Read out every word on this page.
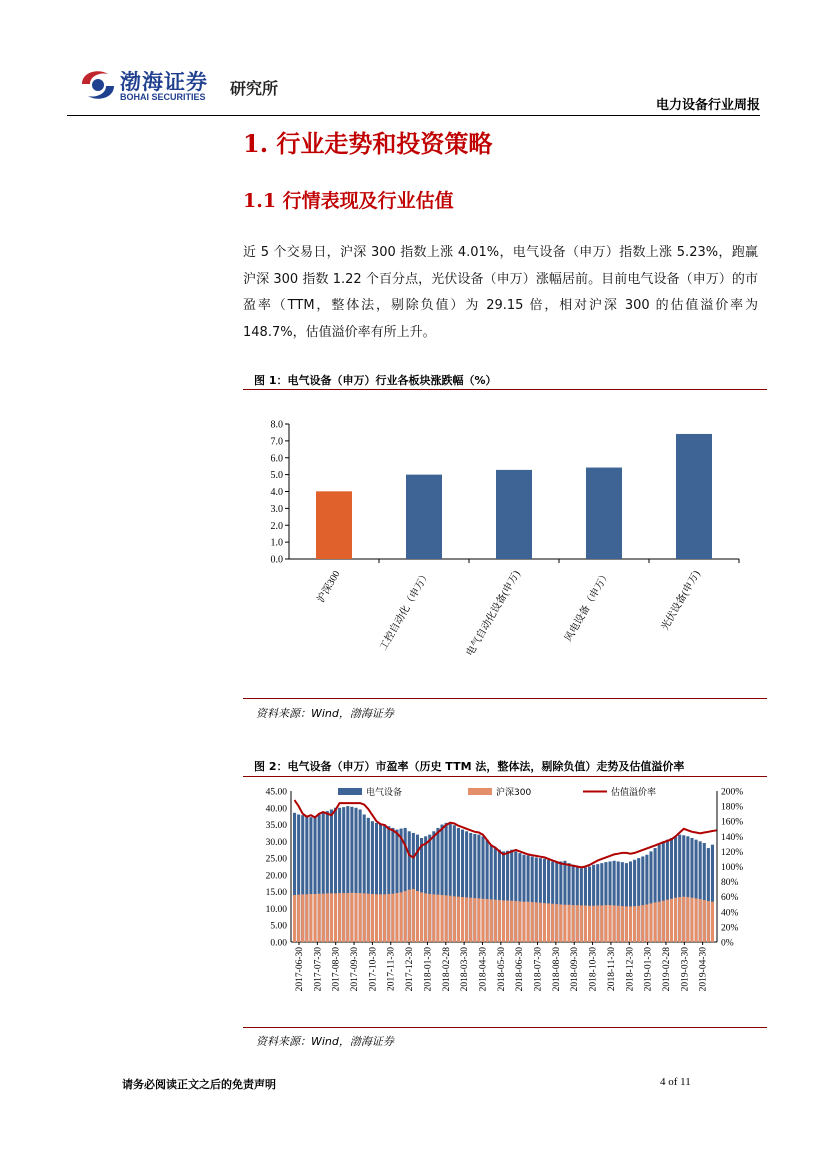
渤海证券
BOHAI SECURITIES 研究所
电力设备行业周报
1. 行业走势和投资策略
1.1 行情表现及行业估值
近 5 个交易日，沪深 300 指数上涨 4.01%，电气设备（申万）指数上涨 5.23%，跑赢沪深 300 指数 1.22 个百分点，光伏设备（申万）涨幅居前。目前电气设备（申万）的市盈率（TTM，整体法，剔除负值）为 29.15 倍，相对沪深 300 的估值溢价率为 148.7%，估值溢价率有所上升。
图 1：电气设备（申万）行业各板块涨跌幅（%）
0.0
1.0
2.0
3.0
4.0
5.0
6.0
7.0
8.0
沪深300	工控自动化（申万）	电气自动化设备(申万)	风电设备（申万）	光伏设备(申万)
资料来源：Wind，渤海证券
图 2：电气设备（申万）市盈率（历史 TTM 法，整体法，剔除负值）走势及估值溢价率
0.00
5.00
10.00
15.00
20.00
25.00
30.00
35.00
40.00
45.00
0%
20%
40%
60%
80%
100%
120%
140%
160%
180%
200%
电气设备	沪深300	估值溢价率
2017-06-30 2017-07-30 2017-08-30 2017-09-30 2017-10-30 2017-11-30 2017-12-30 2018-01-30 2018-02-28 2018-03-30 2018-04-30 2018-05-30 2018-06-30 2018-07-30 2018-08-30 2018-09-30 2018-10-30 2018-11-30 2018-12-30 2019-01-30 2019-02-28 2019-03-30 2019-04-30
资料来源：Wind，渤海证券
请务必阅读正文之后的免责声明	4 of 11
